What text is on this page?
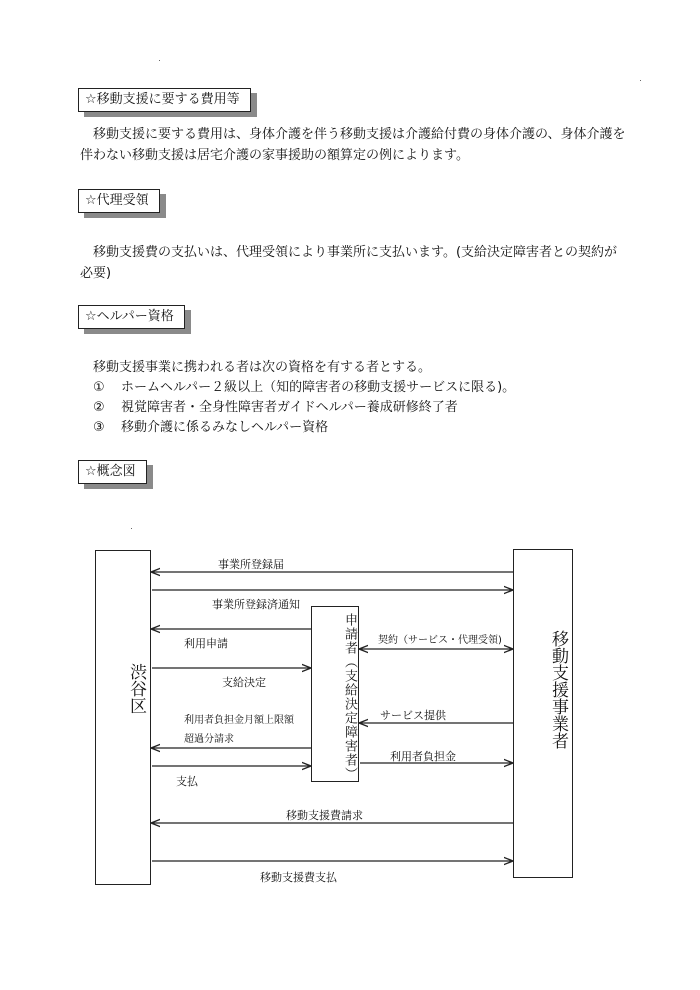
☆移動支援に要する費用等

移動支援に要する費用は、身体介護を伴う移動支援は介護給付費の身体介護の、身体介護を伴わない移動支援は居宅介護の家事援助の額算定の例によります。

☆代理受領

移動支援費の支払いは、代理受領により事業所に支払います。(支給決定障害者との契約が必要)

☆ヘルパー資格

移動支援事業に携われる者は次の資格を有する者とする。

① ホームヘルパー２級以上（知的障害者の移動支援サービスに限る)。
② 視覚障害者・全身性障害者ガイドヘルパー養成研修終了者
③ 移動介護に係るみなしヘルパー資格
☆概念図
渋谷区	移動支援事業者
申請者（支給決定障害者）
事業所登録届
事業所登録済通知
利用申請
支給決定
利用者負担金月額上限額
超過分請求
支払
契約（サービス・代理受領)
サービス提供
利用者負担金
移動支援費請求
移動支援費支払
